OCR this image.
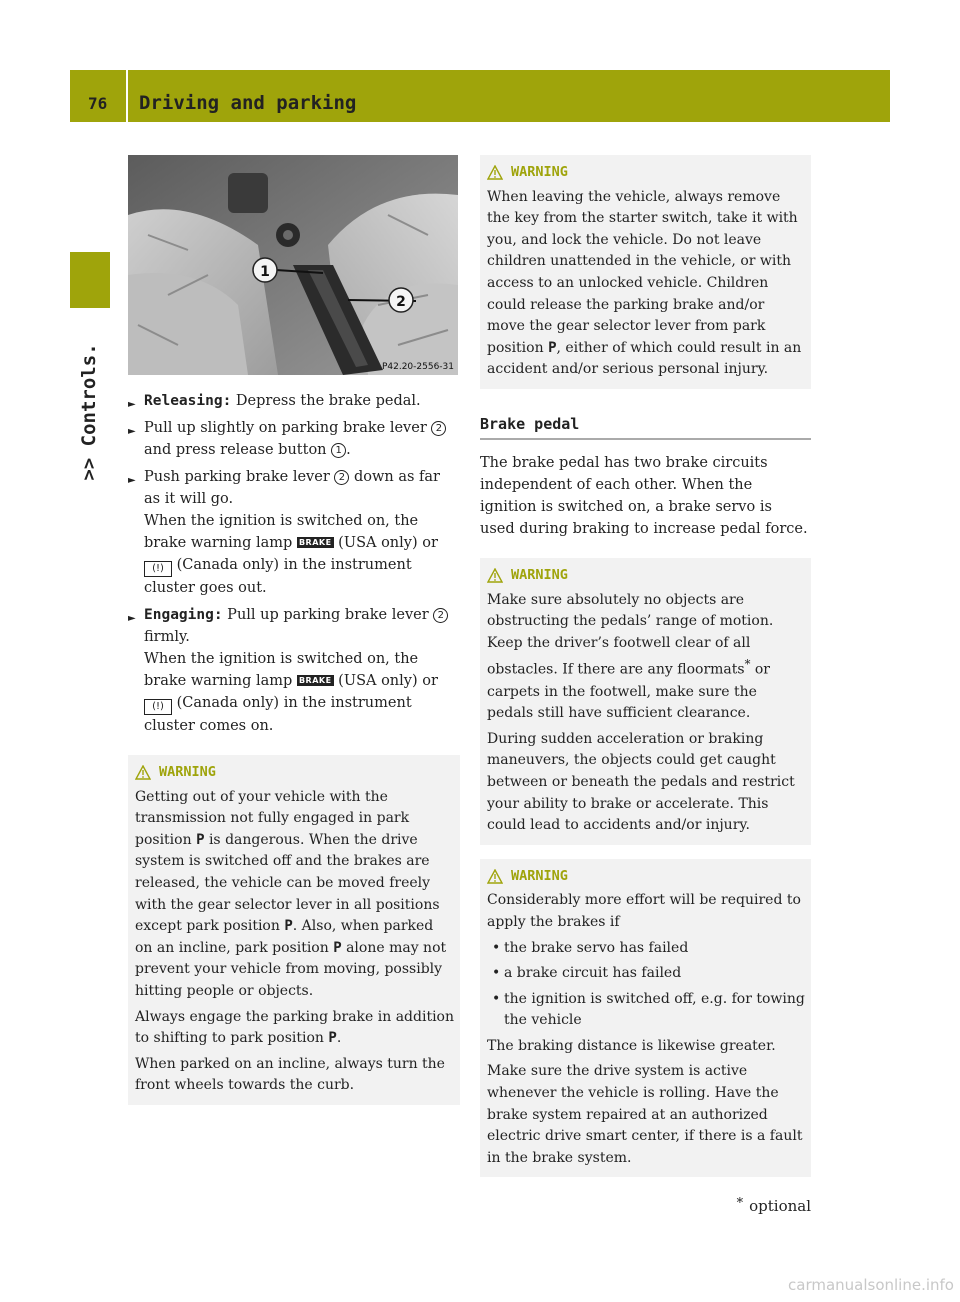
76 Driving and parking
>> Controls.
1
2
P42.20-2556-31
► Releasing: Depress the brake pedal.
► Pull up slightly on parking brake lever 2 and press release button 1 .
► Push parking brake lever 2 down as far as it will go.
When the ignition is switched on, the brake warning lamp BRAKE (USA only) or (!) (Canada only) in the instrument cluster goes out.
► Engaging: Pull up parking brake lever 2 firmly.
When the ignition is switched on, the brake warning lamp BRAKE (USA only) or (!) (Canada only) in the instrument cluster comes on.
WARNING

Getting out of your vehicle with the transmission not fully engaged in park position P is dangerous. When the drive system is switched off and the brakes are released, the vehicle can be moved freely with the gear selector lever in all positions except park position P. Also, when parked on an incline, park position P alone may not prevent your vehicle from moving, possibly hitting people or objects.

Always engage the parking brake in addition to shifting to park position P.

When parked on an incline, always turn the front wheels towards the curb.

WARNING

When leaving the vehicle, always remove the key from the starter switch, take it with you, and lock the vehicle. Do not leave children unattended in the vehicle, or with access to an unlocked vehicle. Children could release the parking brake and/or move the gear selector lever from park position P, either of which could result in an accident and/or serious personal injury.

Brake pedal

The brake pedal has two brake circuits independent of each other. When the ignition is switched on, a brake servo is used during braking to increase pedal force.

WARNING

Make sure absolutely no objects are obstructing the pedals’ range of motion. Keep the driver’s footwell clear of all obstacles. If there are any floormats* or carpets in the footwell, make sure the pedals still have sufficient clearance.

During sudden acceleration or braking maneuvers, the objects could get caught between or beneath the pedals and restrict your ability to brake or accelerate. This could lead to accidents and/or injury.

WARNING

Considerably more effort will be required to apply the brakes if

• the brake servo has failed
• a brake circuit has failed
• the ignition is switched off, e.g. for towing the vehicle

The braking distance is likewise greater.

Make sure the drive system is active whenever the vehicle is rolling. Have the brake system repaired at an authorized electric drive smart center, if there is a fault in the brake system.

* optional
carmanualsonline.info
